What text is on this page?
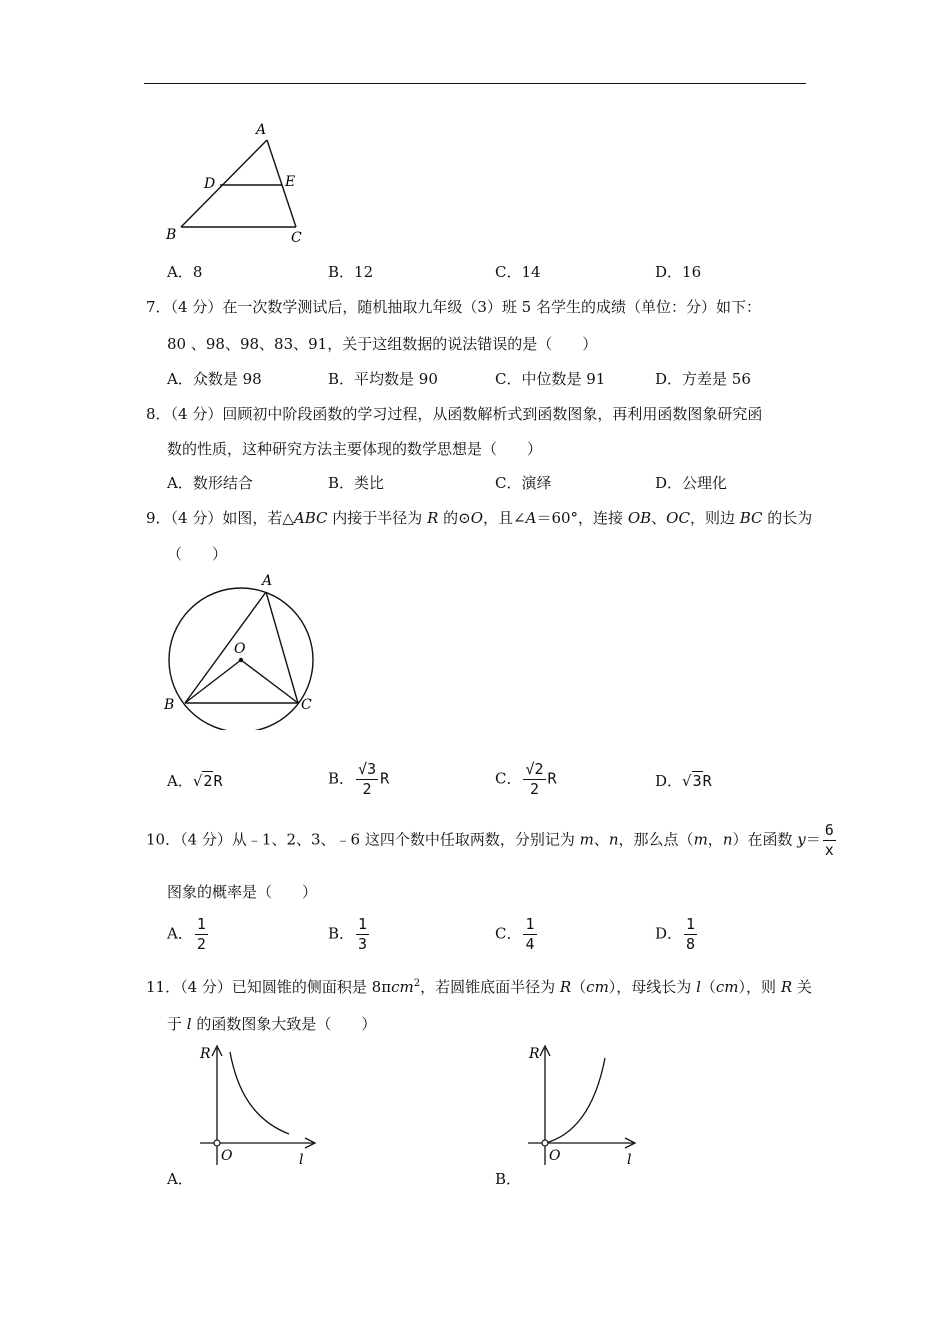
A
D	E
B	C
A．8	B．12	C．14	D．16
7．（4 分）在一次数学测试后，随机抽取九年级（3）班 5 名学生的成绩（单位：分）如下：
80 、98、98、83、91，关于这组数据的说法错误的是（　　）
A．众数是 98	B．平均数是 90	C．中位数是 91	D．方差是 56
8．（4 分）回顾初中阶段函数的学习过程，从函数解析式到函数图象，再利用函数图象研究函
数的性质，这种研究方法主要体现的数学思想是（　　）
A．数形结合	B．类比	C．演绎	D．公理化
9．（4 分）如图，若△ABC 内接于半径为 R 的⊙O，且∠A＝60°，连接 OB、OC，则边 BC 的长为
（　　）
A
O
B	C
A．√2R	B． $\frac{√3}{2}$ R	C． $\frac{√2}{2}$ R	D．√3R
10．（4 分）从﹣1、2、3、﹣6 这四个数中任取两数，分别记为 m、n，那么点（m，n）在函数 $y= \frac{6}{x}$
图象的概率是（　　）
A． $\frac{1}{2}$	B． $\frac{1}{3}$	C． $\frac{1}{4}$	D． $\frac{1}{8}$
11．（4 分）已知圆锥的侧面积是 8πcm$^2$，若圆锥底面半径为 R（cm），母线长为 l（cm），则 R 关
于 l 的函数图象大致是（　　）
R
O	l
A．
R
O	l
B．
